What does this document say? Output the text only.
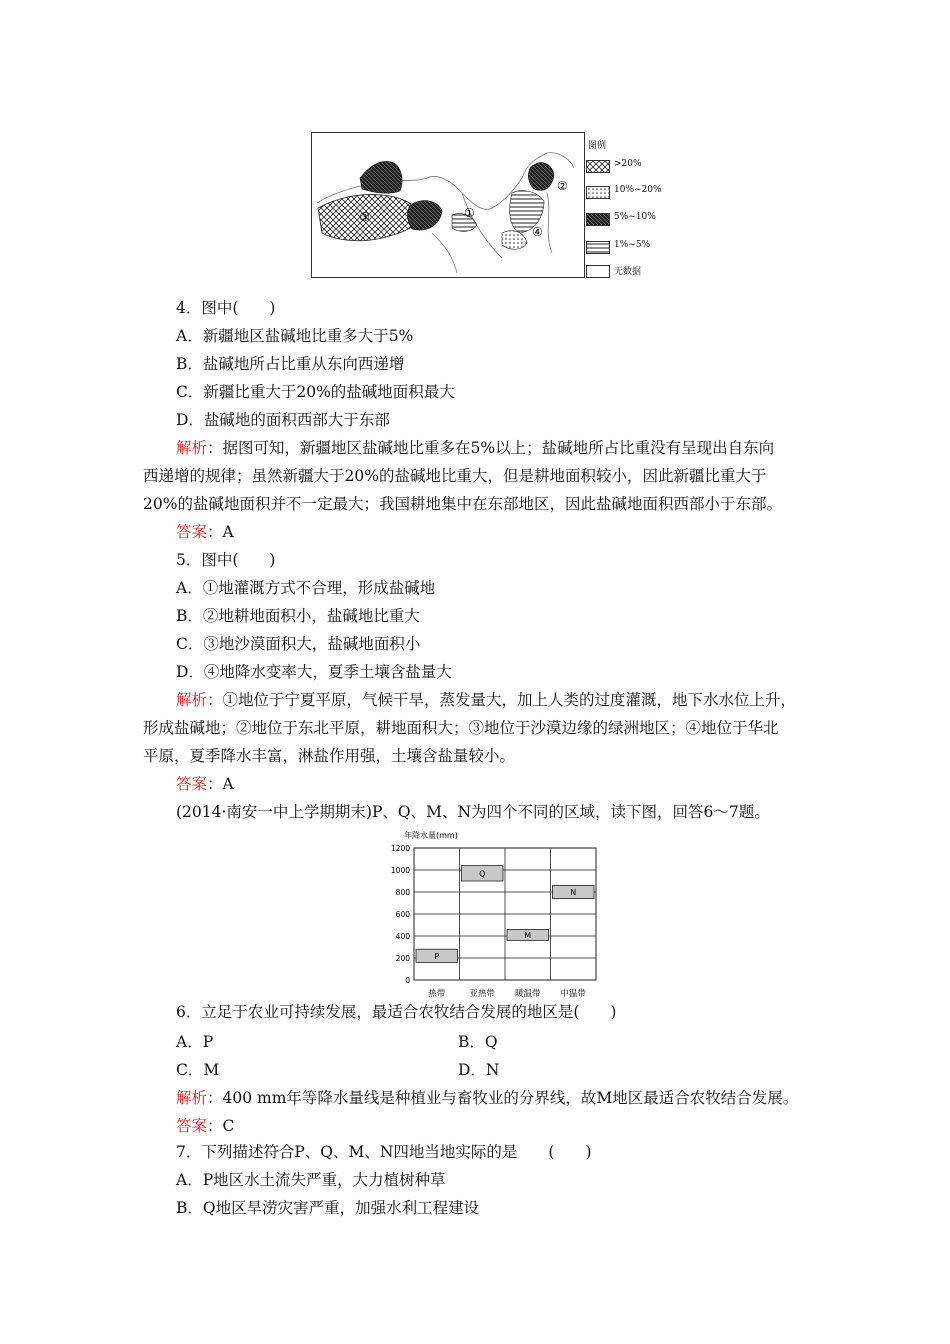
①
②
③
④
图例
>20%
10%~20%
5%~10%
1%~5%
无数据
4．图中(　　)
A．新疆地区盐碱地比重多大于5%
B．盐碱地所占比重从东向西递增
C．新疆比重大于20%的盐碱地面积最大
D．盐碱地的面积西部大于东部
解析：据图可知，新疆地区盐碱地比重多在5%以上；盐碱地所占比重没有呈现出自东向
西递增的规律；虽然新疆大于20%的盐碱地比重大，但是耕地面积较小，因此新疆比重大于
20%的盐碱地面积并不一定最大；我国耕地集中在东部地区，因此盐碱地面积西部小于东部。
答案：A
5．图中(　　)
A．①地灌溉方式不合理，形成盐碱地
B．②地耕地面积小，盐碱地比重大
C．③地沙漠面积大，盐碱地面积小
D．④地降水变率大，夏季土壤含盐量大
解析：①地位于宁夏平原，气候干旱，蒸发量大，加上人类的过度灌溉，地下水水位上升，
形成盐碱地；②地位于东北平原，耕地面积大；③地位于沙漠边缘的绿洲地区；④地位于华北
平原，夏季降水丰富，淋盐作用强，土壤含盐量较小。
答案：A
(2014·南安一中上学期期末)P、Q、M、N为四个不同的区域，读下图，回答6～7题。
年降水量(mm)
0
200
400
600
800
1000
1200
热带	亚热带 暖温带 中温带
P
Q
M
N
6．立足于农业可持续发展，最适合农牧结合发展的地区是(　　)
A．P	B．Q
C．M	D．N
解析：400 mm年等降水量线是种植业与畜牧业的分界线，故M地区最适合农牧结合发展。
答案：C
7．下列描述符合P、Q、M、N四地当地实际的是　　(　　)
A．P地区水土流失严重，大力植树种草
B．Q地区旱涝灾害严重，加强水利工程建设
